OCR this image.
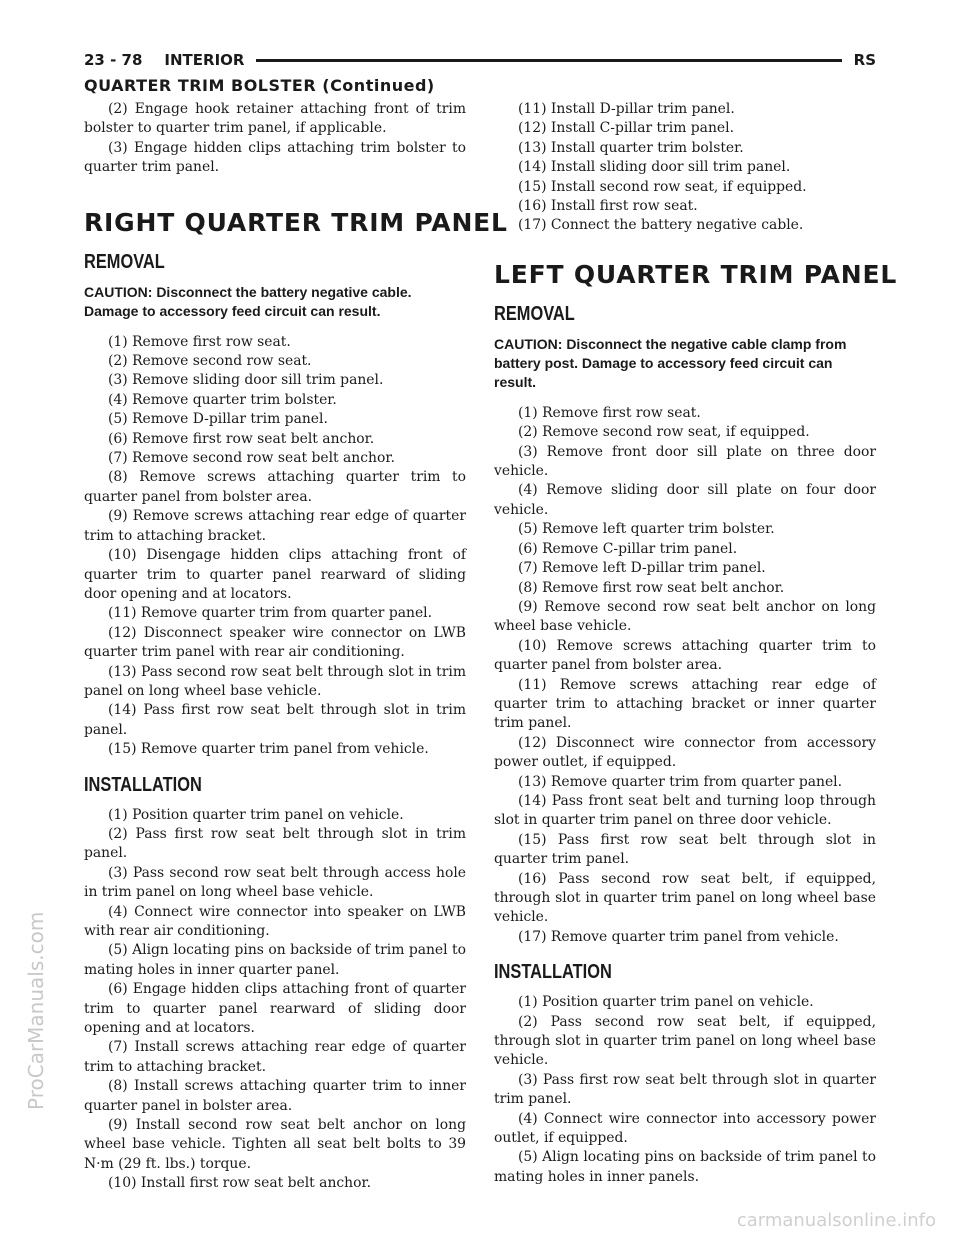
23 - 78 INTERIOR	RS
QUARTER TRIM BOLSTER (Continued)

(2) Engage hook retainer attaching front of trim bolster to quarter trim panel, if applicable.

(3) Engage hidden clips attaching trim bolster to quarter trim panel.

RIGHT QUARTER TRIM PANEL
REMOVAL

CAUTION: Disconnect the battery negative cable. Damage to accessory feed circuit can result.

(1) Remove first row seat.

(2) Remove second row seat.

(3) Remove sliding door sill trim panel.

(4) Remove quarter trim bolster.

(5) Remove D-pillar trim panel.

(6) Remove first row seat belt anchor.

(7) Remove second row seat belt anchor.

(8) Remove screws attaching quarter trim to quarter panel from bolster area.

(9) Remove screws attaching rear edge of quarter trim to attaching bracket.

(10) Disengage hidden clips attaching front of quarter trim to quarter panel rearward of sliding door opening and at locators.

(11) Remove quarter trim from quarter panel.

(12) Disconnect speaker wire connector on LWB quarter trim panel with rear air conditioning.

(13) Pass second row seat belt through slot in trim panel on long wheel base vehicle.

(14) Pass first row seat belt through slot in trim panel.

(15) Remove quarter trim panel from vehicle.

INSTALLATION

(1) Position quarter trim panel on vehicle.

(2) Pass first row seat belt through slot in trim panel.

(3) Pass second row seat belt through access hole in trim panel on long wheel base vehicle.

(4) Connect wire connector into speaker on LWB with rear air conditioning.

(5) Align locating pins on backside of trim panel to mating holes in inner quarter panel.

(6) Engage hidden clips attaching front of quarter trim to quarter panel rearward of sliding door opening and at locators.

(7) Install screws attaching rear edge of quarter trim to attaching bracket.

(8) Install screws attaching quarter trim to inner quarter panel in bolster area.

(9) Install second row seat belt anchor on long wheel base vehicle. Tighten all seat belt bolts to 39 N·m (29 ft. lbs.) torque.

(10) Install first row seat belt anchor.

(11) Install D-pillar trim panel.

(12) Install C-pillar trim panel.

(13) Install quarter trim bolster.

(14) Install sliding door sill trim panel.

(15) Install second row seat, if equipped.

(16) Install first row seat.

(17) Connect the battery negative cable.

LEFT QUARTER TRIM PANEL
REMOVAL

CAUTION: Disconnect the negative cable clamp from battery post. Damage to accessory feed circuit can result.

(1) Remove first row seat.

(2) Remove second row seat, if equipped.

(3) Remove front door sill plate on three door vehicle.

(4) Remove sliding door sill plate on four door vehicle.

(5) Remove left quarter trim bolster.

(6) Remove C-pillar trim panel.

(7) Remove left D-pillar trim panel.

(8) Remove first row seat belt anchor.

(9) Remove second row seat belt anchor on long wheel base vehicle.

(10) Remove screws attaching quarter trim to quarter panel from bolster area.

(11) Remove screws attaching rear edge of quarter trim to attaching bracket or inner quarter trim panel.

(12) Disconnect wire connector from accessory power outlet, if equipped.

(13) Remove quarter trim from quarter panel.

(14) Pass front seat belt and turning loop through slot in quarter trim panel on three door vehicle.

(15) Pass first row seat belt through slot in quarter trim panel.

(16) Pass second row seat belt, if equipped, through slot in quarter trim panel on long wheel base vehicle.

(17) Remove quarter trim panel from vehicle.

INSTALLATION

(1) Position quarter trim panel on vehicle.

(2) Pass second row seat belt, if equipped, through slot in quarter trim panel on long wheel base vehicle.

(3) Pass first row seat belt through slot in quarter trim panel.

(4) Connect wire connector into accessory power outlet, if equipped.

(5) Align locating pins on backside of trim panel to mating holes in inner panels.

ProCarManuals.com
carmanualsonline.info
